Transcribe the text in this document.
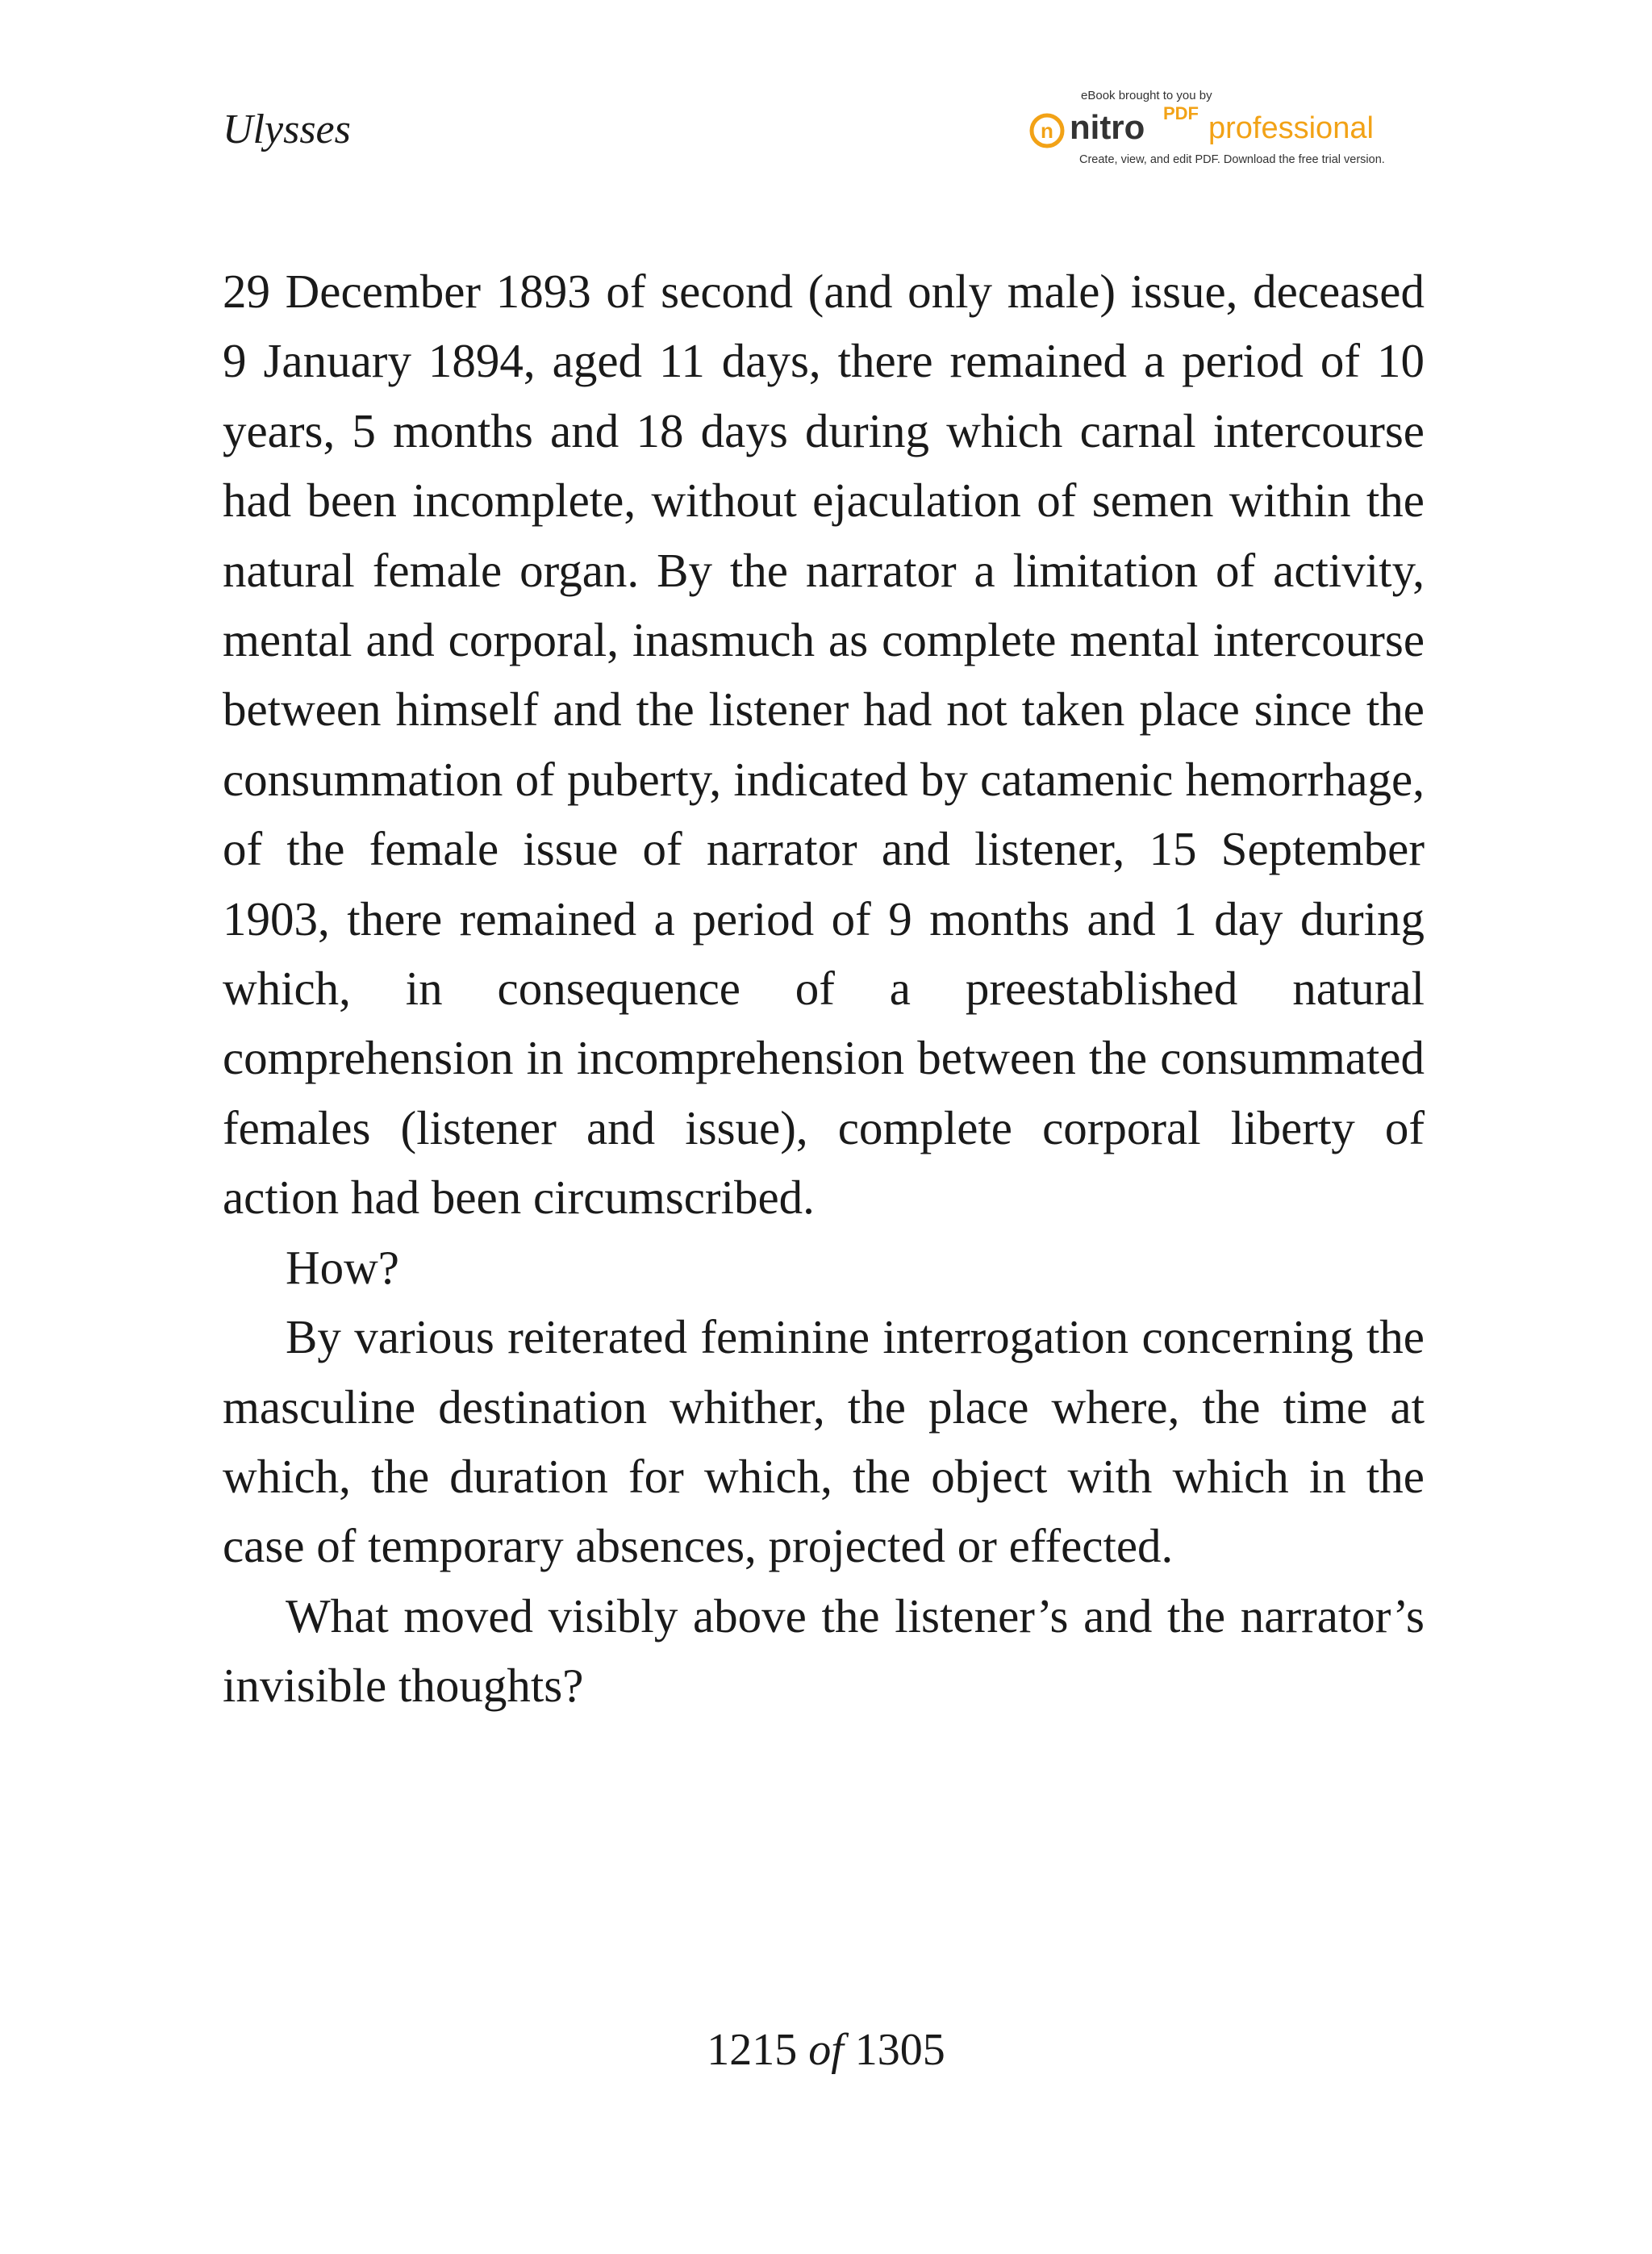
Ulysses
eBook brought to you by
n nitro PDF professional
Create, view, and edit PDF. Download the free trial version.

29 December 1893 of second (and only male) issue, deceased 9 January 1894, aged 11 days, there remained a period of 10 years, 5 months and 18 days during which carnal intercourse had been incomplete, without ejaculation of semen within the natural female organ. By the narrator a limitation of activity, mental and corporal, inasmuch as complete mental intercourse between himself and the listener had not taken place since the consummation of puberty, indicated by catamenic hemorrhage, of the female issue of narrator and listener, 15 September 1903, there remained a period of 9 months and 1 day during which, in consequence of a preestablished natural comprehension in incomprehension between the consummated females (listener and issue), complete corporal liberty of action had been circumscribed.

How?

By various reiterated feminine interrogation concerning the masculine destination whither, the place where, the time at which, the duration for which, the object with which in the case of temporary absences, projected or effected.

What moved visibly above the listener’s and the narrator’s invisible thoughts?

1215 of 1305
